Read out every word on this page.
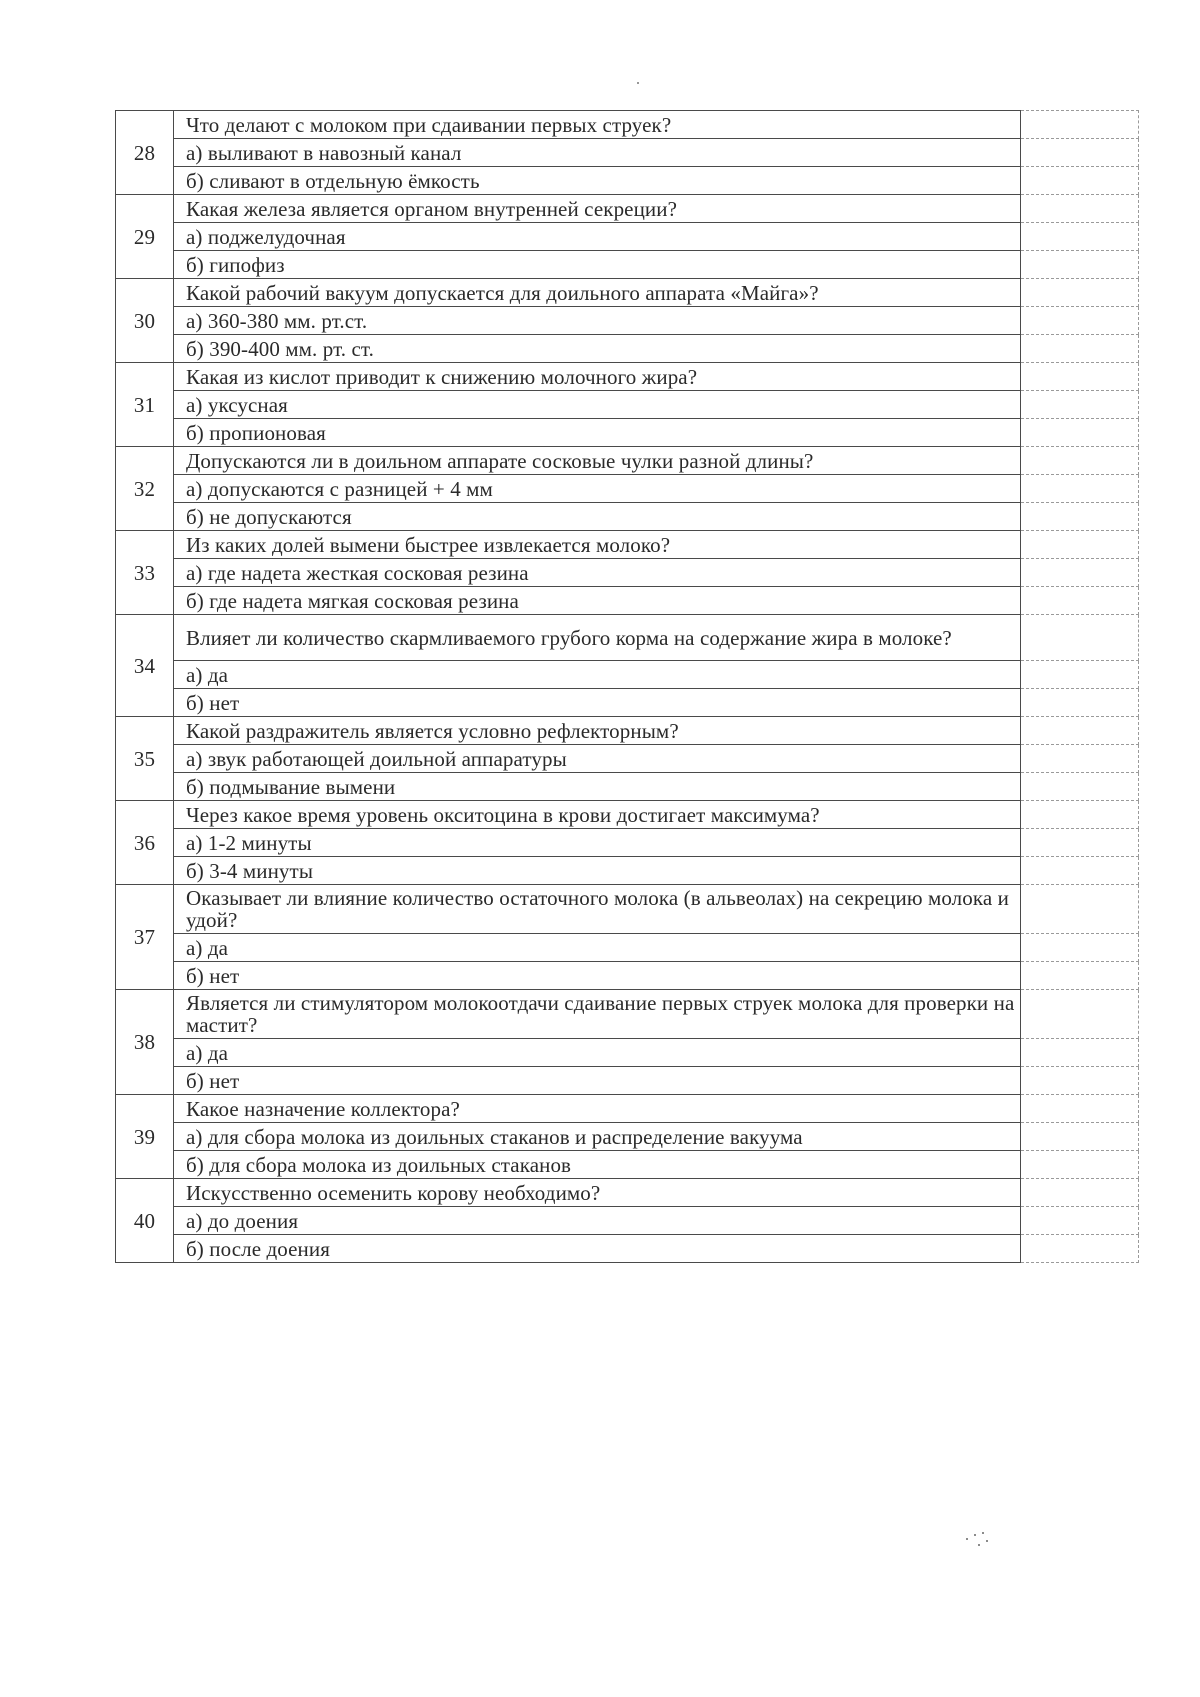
28	Что делают с молоком при сдаивании первых струек?	
	а) выливают в навозный канал	
	б) сливают в отдельную ёмкость	
29	Какая железа является органом внутренней секреции?	
	а) поджелудочная	
	б) гипофиз	
30	Какой рабочий вакуум допускается для доильного аппарата «Майга»?	
	а) 360-380 мм. рт.ст.	
	б) 390-400 мм. рт. ст.	
31	Какая из кислот приводит к снижению молочного жира?	
	а) уксусная	
	б) пропионовая	
32	Допускаются ли в доильном аппарате сосковые чулки разной длины?	
	а) допускаются с разницей + 4 мм	
	б) не допускаются	
33	Из каких долей вымени быстрее извлекается молоко?	
	а) где надета жесткая сосковая резина	
	б) где надета мягкая сосковая резина	
34	Влияет ли количество скармливаемого грубого корма на содержание жира в молоке?	
	а) да	
	б) нет	
35	Какой раздражитель является условно рефлекторным?	
	а) звук работающей доильной аппаратуры	
	б) подмывание вымени	
36	Через какое время уровень окситоцина в крови достигает максимума?	
	а) 1-2 минуты	
	б) 3-4 минуты	
37	Оказывает ли влияние количество остаточного молока (в альвеолах) на секрецию молока и удой?	
	а) да	
	б) нет	
38	Является ли стимулятором молокоотдачи сдаивание первых струек молока для проверки на мастит?	
	а) да	
	б) нет	
39	Какое назначение коллектора?	
	а) для сбора молока из доильных стаканов и распределение вакуума	
	б) для сбора молока из доильных стаканов	
40	Искусственно осеменить корову необходимо?	
	а) до доения	
	б) после доения	
